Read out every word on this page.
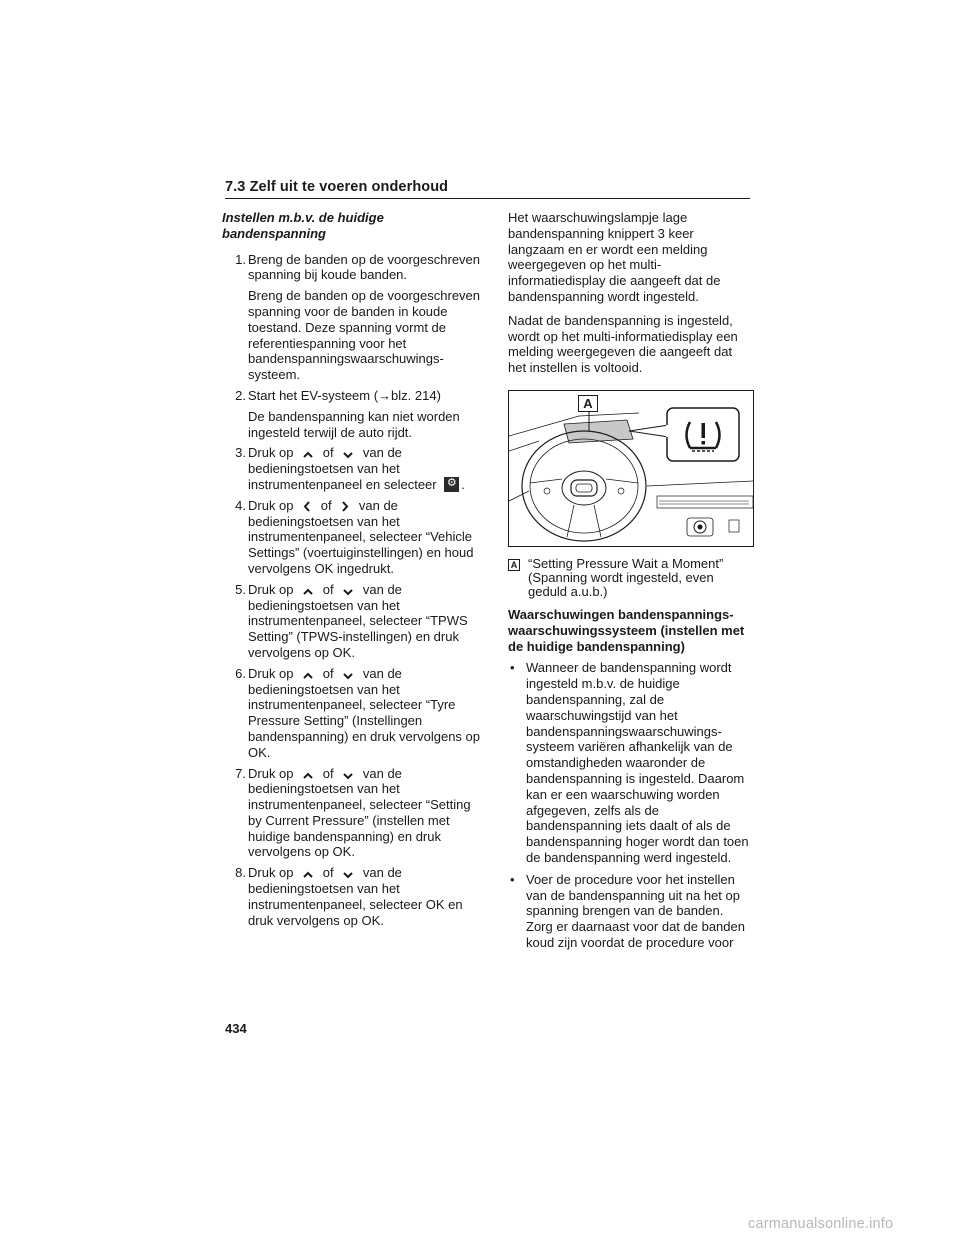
7.3 Zelf uit te voeren onderhoud
Instellen m.b.v. de huidige
bandenspanning
1. Breng de banden op de voorgeschreven spanning bij koude banden.
Breng de banden op de voorgeschreven spanning voor de banden in koude toestand. Deze spanning vormt de referentiespanning voor het bandenspanningswaarschuwings-systeem.
2. Start het EV-systeem (→blz. 214)
De bandenspanning kan niet worden ingesteld terwijl de auto rijdt.
3. Druk op of van de bedieningstoetsen van het instrumentenpaneel en selecteer ⚙ .
4. Druk op of van de bedieningstoetsen van het instrumentenpaneel, selecteer “Vehicle Settings” (voertuiginstellingen) en houd vervolgens OK ingedrukt.
5. Druk op of van de bedieningstoetsen van het instrumentenpaneel, selecteer “TPWS Setting” (TPWS-instellingen) en druk vervolgens op OK.
6. Druk op of van de bedieningstoetsen van het instrumentenpaneel, selecteer “Tyre Pressure Setting” (Instellingen bandenspanning) en druk vervolgens op OK.
7. Druk op of van de bedieningstoetsen van het instrumentenpaneel, selecteer “Setting by Current Pressure” (instellen met huidige bandenspanning) en druk vervolgens op OK.
8. Druk op of van de bedieningstoetsen van het instrumentenpaneel, selecteer OK en druk vervolgens op OK.

Het waarschuwingslampje lage bandenspanning knippert 3 keer langzaam en er wordt een melding weergegeven op het multi-informatiedisplay die aangeeft dat de bandenspanning wordt ingesteld.

Nadat de bandenspanning is ingesteld, wordt op het multi-informatiedisplay een melding weergegeven die aangeeft dat het instellen is voltooid.

A
A “Setting Pressure Wait a Moment” (Spanning wordt ingesteld, even geduld a.u.b.)
Waarschuwingen bandenspannings-waarschuwingssysteem (instellen met de huidige bandenspanning)
• Wanneer de bandenspanning wordt ingesteld m.b.v. de huidige bandenspanning, zal de waarschuwingstijd van het bandenspanningswaarschuwings-systeem variëren afhankelijk van de omstandigheden waaronder de bandenspanning is ingesteld. Daarom kan er een waarschuwing worden afgegeven, zelfs als de bandenspanning iets daalt of als de bandenspanning hoger wordt dan toen de bandenspanning werd ingesteld.
• Voer de procedure voor het instellen van de bandenspanning uit na het op spanning brengen van de banden. Zorg er daarnaast voor dat de banden koud zijn voordat de procedure voor
434
carmanualsonline.info
